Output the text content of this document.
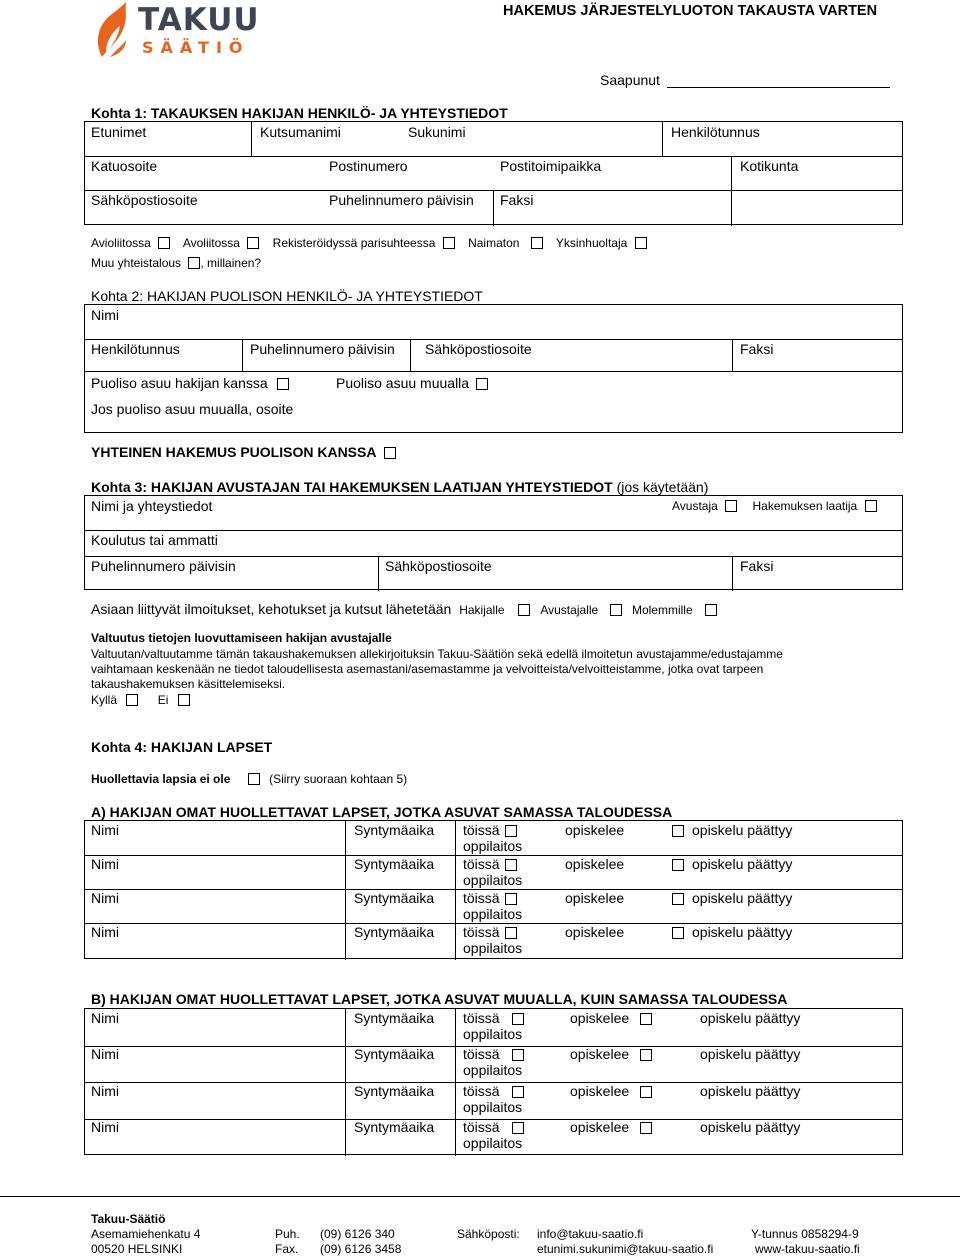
TAKUU
SÄÄTIÖ
HAKEMUS JÄRJESTELYLUOTON TAKAUSTA VARTEN
Saapunut
Kohta 1: TAKAUKSEN HAKIJAN HENKILÖ- JA YHTEYSTIEDOT
Etunimet	Kutsumanimi	Sukunimi	Henkilötunnus
Katuosoite	Postinumero	Postitoimipaikka	Kotikunta
Sähköpostiosoite	Puhelinnumero päivisin Faksi
Avioliitossa	Avoliitossa	Rekisteröidyssä parisuhteessa	Naimaton	Yksinhuoltaja
Muu yhteistalous , millainen?
Kohta 2: HAKIJAN PUOLISON HENKILÖ- JA YHTEYSTIEDOT
Nimi
Henkilötunnus	Puhelinnumero päivisin Sähköpostiosoite	Faksi
Puoliso asuu hakijan kanssa	Puoliso asuu muualla
Jos puoliso asuu muualla, osoite
YHTEINEN HAKEMUS PUOLISON KANSSA
Kohta 3: HAKIJAN AVUSTAJAN TAI HAKEMUKSEN LAATIJAN YHTEYSTIEDOT (jos käytetään)
Nimi ja yhteystiedot	Avustaja	Hakemuksen laatija
Koulutus tai ammatti
Puhelinnumero päivisin	Sähköpostiosoite	Faksi
Asiaan liittyvät ilmoitukset, kehotukset ja kutsut lähetetään Hakijalle	Avustajalle	Molemmille
Valtuutus tietojen luovuttamiseen hakijan avustajalle
Valtuutan/valtuutamme tämän takaushakemuksen allekirjoituksin Takuu-Säätiön sekä edellä ilmoitetun avustajamme/edustajamme
vaihtamaan keskenään ne tiedot taloudellisesta asemastani/asemastamme ja velvoitteista/velvoitteistamme, jotka ovat tarpeen
takaushakemuksen käsittelemiseksi.
Kyllä	Ei
Kohta 4: HAKIJAN LAPSET
Huollettavia lapsia ei ole	(Siirry suoraan kohtaan 5)
A) HAKIJAN OMAT HUOLLETTAVAT LAPSET, JOTKA ASUVAT SAMASSA TALOUDESSA
Nimi	Syntymäaika töissä	opiskelee	opiskelu päättyy
oppilaitos
Nimi	Syntymäaika töissä	opiskelee	opiskelu päättyy
oppilaitos
Nimi	Syntymäaika töissä	opiskelee	opiskelu päättyy
oppilaitos
Nimi	Syntymäaika töissä	opiskelee	opiskelu päättyy
oppilaitos
B) HAKIJAN OMAT HUOLLETTAVAT LAPSET, JOTKA ASUVAT MUUALLA, KUIN SAMASSA TALOUDESSA
Nimi	Syntymäaika töissä	opiskelee	opiskelu päättyy
oppilaitos
Nimi	Syntymäaika töissä	opiskelee	opiskelu päättyy
oppilaitos
Nimi	Syntymäaika töissä	opiskelee	opiskelu päättyy
oppilaitos
Nimi	Syntymäaika töissä	opiskelee	opiskelu päättyy
oppilaitos
Takuu-Säätiö
Asemamiehenkatu 4
00520 HELSINKI
Puh.
Fax.
(09) 6126 340
(09) 6126 3458
Sähköposti: info@takuu-saatio.fi
etunimi.sukunimi@takuu-saatio.fi
Y-tunnus 0858294-9
www-takuu-saatio.fi
